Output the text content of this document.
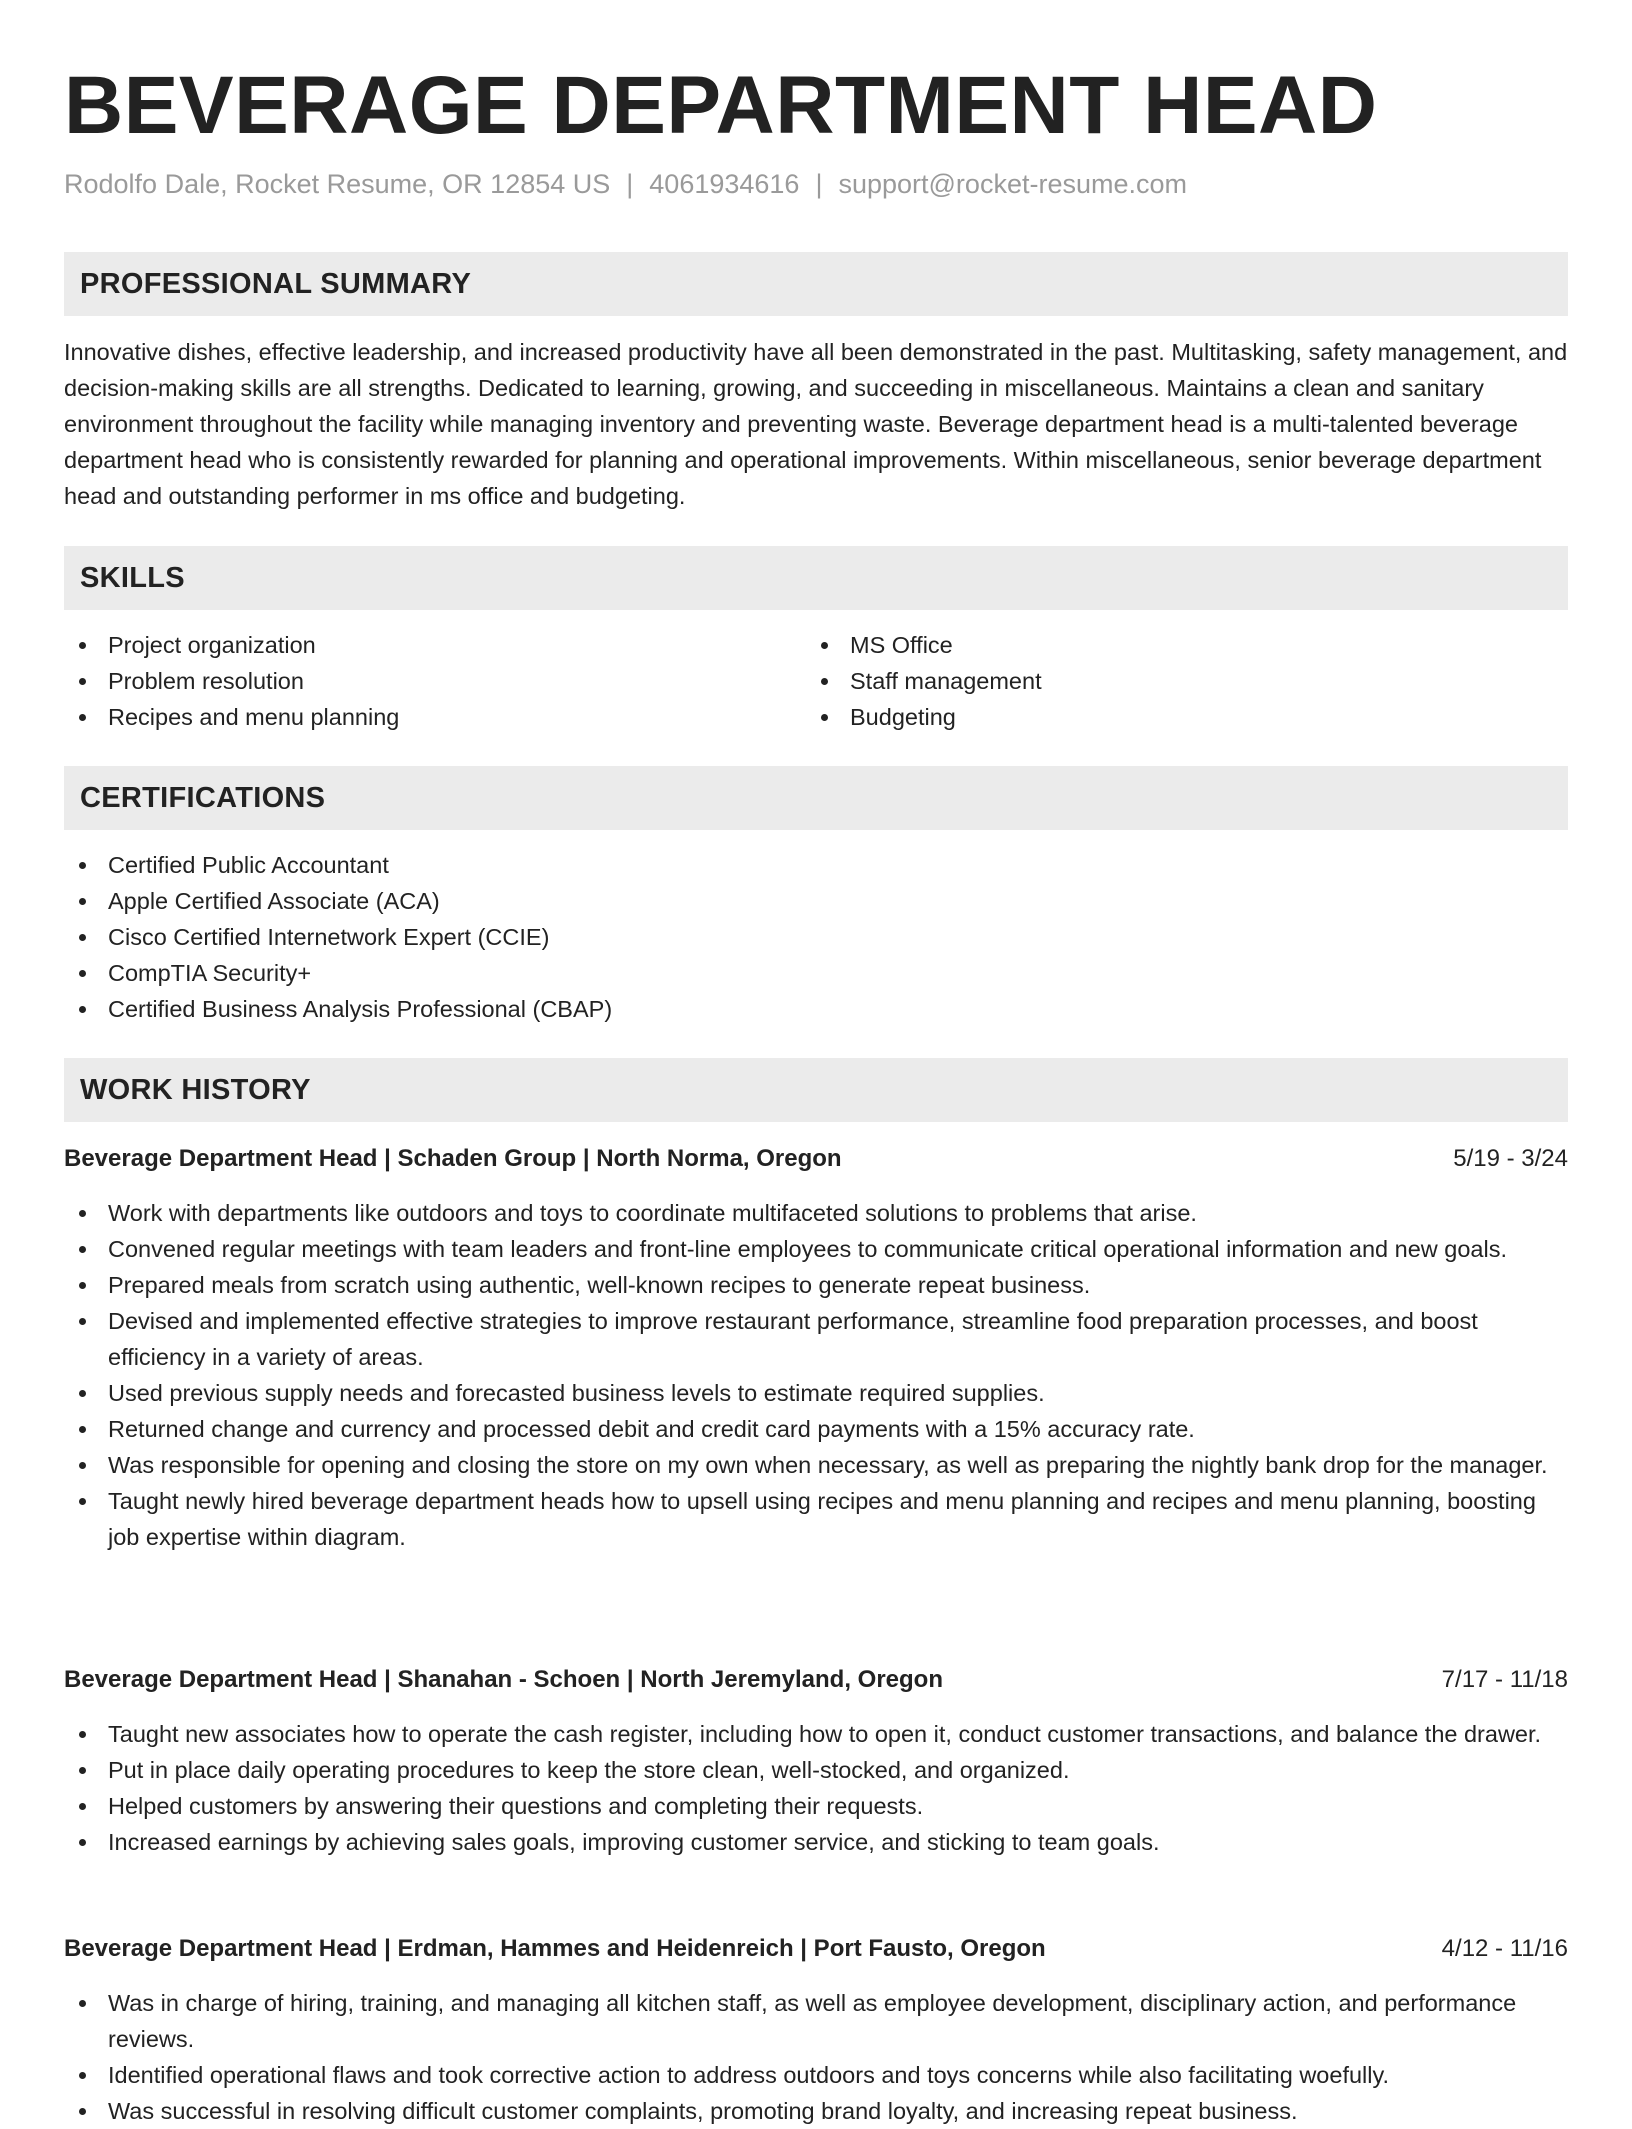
BEVERAGE DEPARTMENT HEAD
Rodolfo Dale, Rocket Resume, OR 12854 US | 4061934616 | support@rocket-resume.com
PROFESSIONAL SUMMARY

Innovative dishes, effective leadership, and increased productivity have all been demonstrated in the past. Multitasking, safety management, and decision-making skills are all strengths. Dedicated to learning, growing, and succeeding in miscellaneous. Maintains a clean and sanitary environment throughout the facility while managing inventory and preventing waste. Beverage department head is a multi-talented beverage department head who is consistently rewarded for planning and operational improvements. Within miscellaneous, senior beverage department head and outstanding performer in ms office and budgeting.

SKILLS
Project organization
Problem resolution
Recipes and menu planning
MS Office
Staff management
Budgeting
CERTIFICATIONS
Certified Public Accountant
Apple Certified Associate (ACA)
Cisco Certified Internetwork Expert (CCIE)
CompTIA Security+
Certified Business Analysis Professional (CBAP)
WORK HISTORY
Beverage Department Head | Schaden Group | North Norma, Oregon	5/19 - 3/24
Work with departments like outdoors and toys to coordinate multifaceted solutions to problems that arise.
Convened regular meetings with team leaders and front-line employees to communicate critical operational information and new goals.
Prepared meals from scratch using authentic, well-known recipes to generate repeat business.
Devised and implemented effective strategies to improve restaurant performance, streamline food preparation processes, and boost efficiency in a variety of areas.
Used previous supply needs and forecasted business levels to estimate required supplies.
Returned change and currency and processed debit and credit card payments with a 15% accuracy rate.
Was responsible for opening and closing the store on my own when necessary, as well as preparing the nightly bank drop for the manager.
Taught newly hired beverage department heads how to upsell using recipes and menu planning and recipes and menu planning, boosting job expertise within diagram.
Beverage Department Head | Shanahan - Schoen | North Jeremyland, Oregon	7/17 - 11/18
Taught new associates how to operate the cash register, including how to open it, conduct customer transactions, and balance the drawer.
Put in place daily operating procedures to keep the store clean, well-stocked, and organized.
Helped customers by answering their questions and completing their requests.
Increased earnings by achieving sales goals, improving customer service, and sticking to team goals.
Beverage Department Head | Erdman, Hammes and Heidenreich | Port Fausto, Oregon	4/12 - 11/16
Was in charge of hiring, training, and managing all kitchen staff, as well as employee development, disciplinary action, and performance reviews.
Identified operational flaws and took corrective action to address outdoors and toys concerns while also facilitating woefully.
Was successful in resolving difficult customer complaints, promoting brand loyalty, and increasing repeat business.
